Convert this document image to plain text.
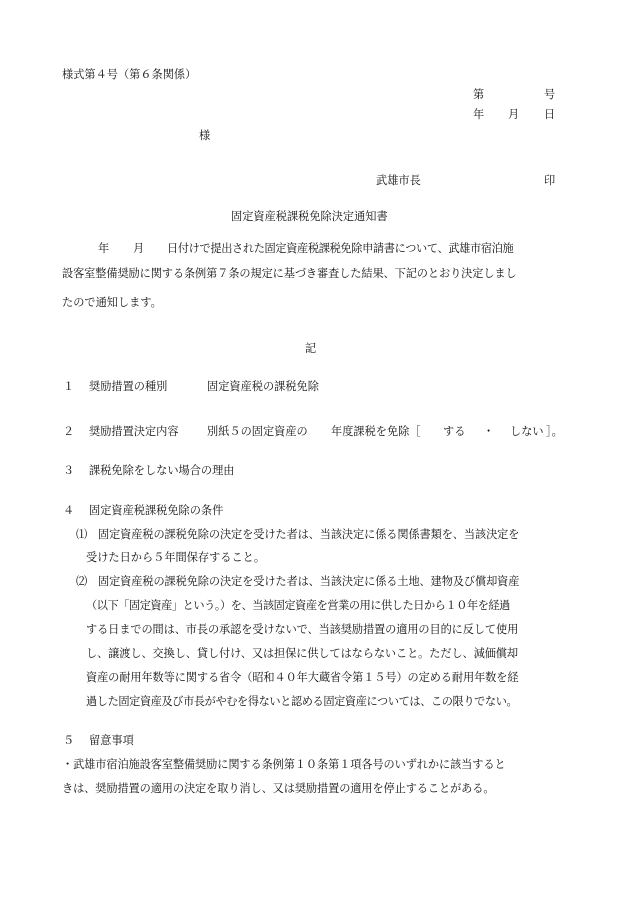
様式第４号（第６条関係）
第	号
年 月 日
様
武雄市長	印
固定資産税課税免除決定通知書
年 月 日付けで提出された固定資産税課税免除申請書について、武雄市宿泊施
設客室整備奨励に関する条例第７条の規定に基づき審査した結果、下記のとおり決定しまし
たので通知します。
記
１ 奨励措置の種別	固定資産税の課税免除
２ 奨励措置決定内容	別紙５の固定資産の 年度課税を免除［ する ・ しない ］。
３ 課税免除をしない場合の理由
４ 固定資産税課税免除の条件
⑴ 固定資産税の課税免除の決定を受けた者は、当該決定に係る関係書類を、当該決定を
受けた日から５年間保存すること。
⑵ 固定資産税の課税免除の決定を受けた者は、当該決定に係る土地、建物及び償却資産
（以下「固定資産」という。）を、当該固定資産を営業の用に供した日から１０年を経過
する日までの間は、市長の承認を受けないで、当該奨励措置の適用の目的に反して使用
し、譲渡し、交換し、貸し付け、又は担保に供してはならないこと。ただし、減価償却
資産の耐用年数等に関する省令（昭和４０年大蔵省令第１５号）の定める耐用年数を経
過した固定資産及び市長がやむを得ないと認める固定資産については、この限りでない。
５ 留意事項
・武雄市宿泊施設客室整備奨励に関する条例第１０条第１項各号のいずれかに該当すると
きは、奨励措置の適用の決定を取り消し、又は奨励措置の適用を停止することがある。
